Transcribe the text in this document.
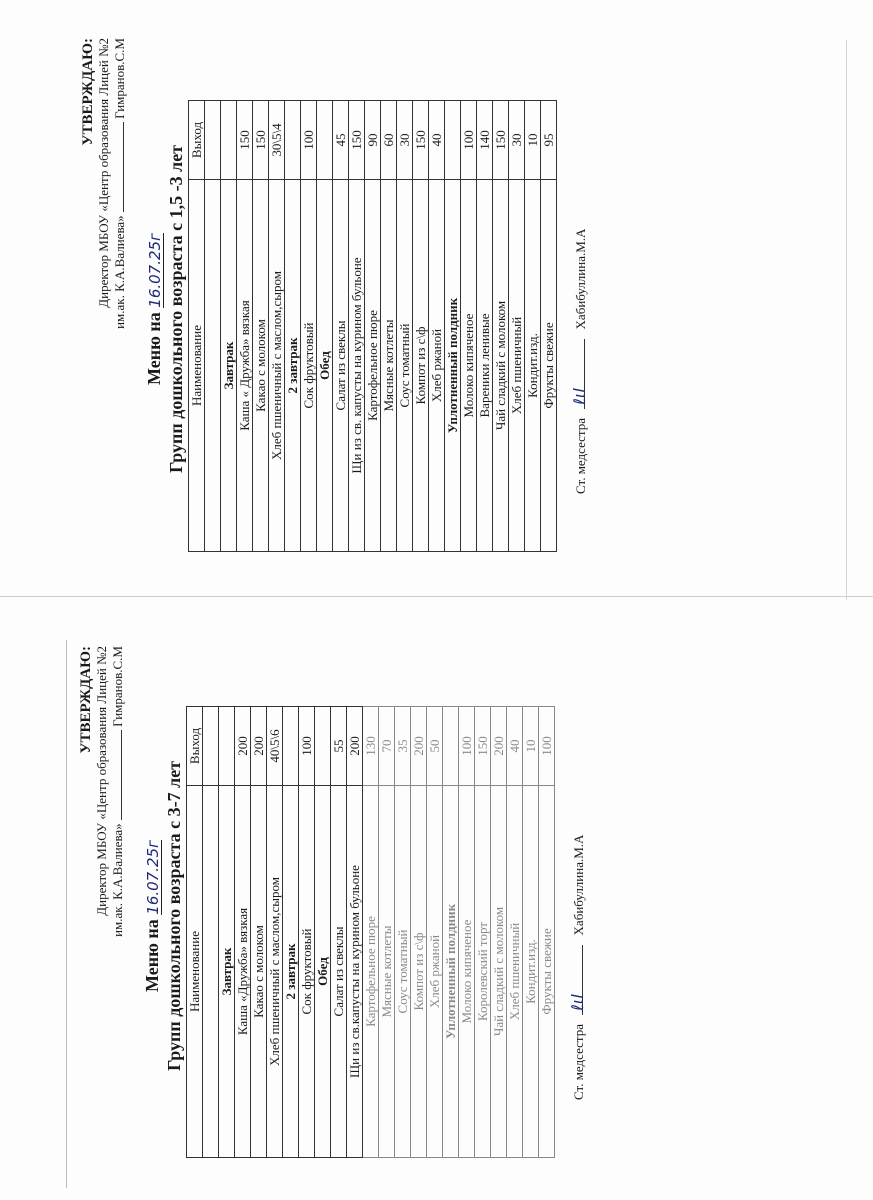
УТВЕРЖДАЮ: Директор МБОУ «Центр образования Лицей №2 им.ак. К.А.Валиева»  Гимранов.С.М
Меню на 16.07.25г Групп дошкольного возраста с 1,5 -3 лет Наименование	Выход

Завтрак	
Каша « Дружба» вязкая	150
Какао с молоком	150
Хлеб пшеничный с маслом,сыром	30\5\4
2 завтрак	
Сок фруктовый	100
Обед	
Салат из свеклы	45
Щи из св. капусты на курином бульоне	150
Картофельное пюре	90
Мясные котлеты	60
Соус томатный	30
Компот из с\ф	150
Хлеб ржаной	40
Уплотненный полдник	
Молоко кипяченое	100
Вареники ленивые	140
Чай сладкий с молоком	150
Хлеб пшеничный	30
Кондит.изд.	10
Фрукты свежие	95
Ст. медсестра
ℓιl
Хабибуллина.М.А
УТВЕРЖДАЮ: Директор МБОУ «Центр образования Лицей №2 им.ак. К.А.Валиева»  Гимранов.С.М
Меню на 16.07.25г Групп дошкольного возраста с 3-7 лет Наименование	Выход

Завтрак	
Каша «Дружба» вязкая	200
Какао с молоком	200
Хлеб пшеничный с маслом,сыром	40\5\6
2 завтрак	
Сок фруктовый	100
Обед	
Салат из свеклы	55
Щи из св.капусты на курином бульоне	200
Картофельное пюре	130
Мясные котлеты	70
Соус томатный	35
Компот из с\ф	200
Хлеб ржаной	50
Уплотненный полдник	
Молоко кипяченое	100
Королевский торт	150
Чай сладкий с молоком	200
Хлеб пшеничный	40
Кондит.изд.	10
Фрукты свежие	100
Ст. медсестра
ℓιl
Хабибуллина.М.А
